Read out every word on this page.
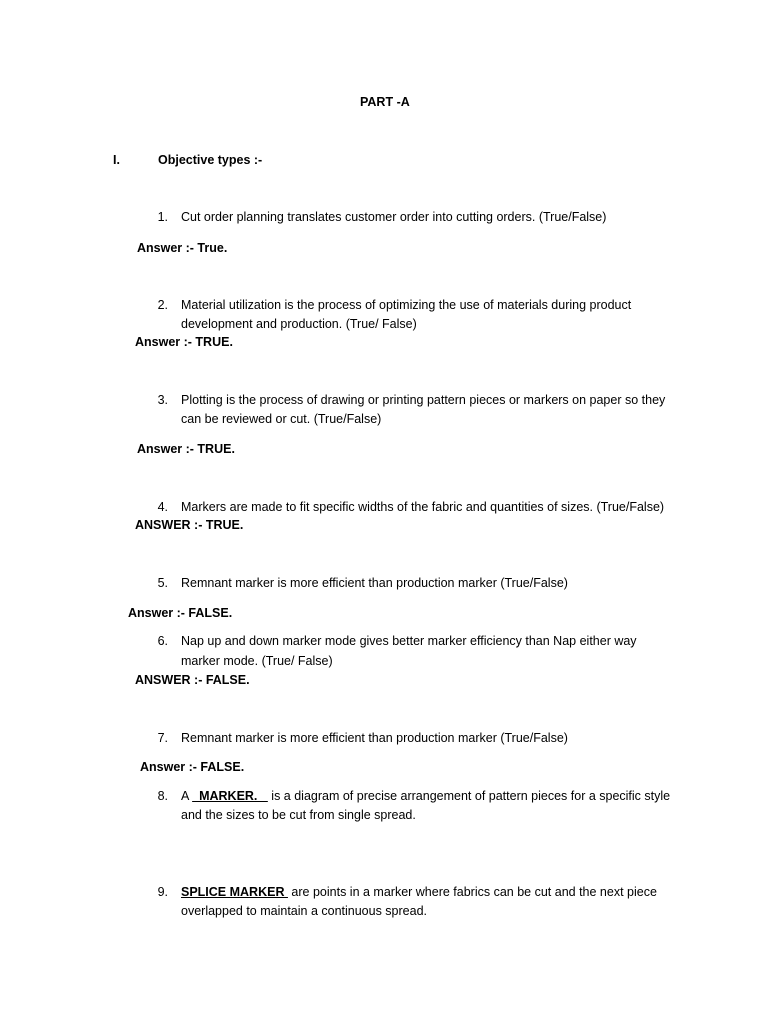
PART -A
I.	Objective types :-
1. Cut order planning translates customer order into cutting orders. (True/False)
Answer :- True.
2. Material utilization is the process of optimizing the use of materials during product
development and production. (True/ False)
Answer :- TRUE.
3. Plotting is the process of drawing or printing pattern pieces or markers on paper so they
can be reviewed or cut. (True/False)
Answer :- TRUE.
4. Markers are made to fit specific widths of the fabric and quantities of sizes. (True/False)
ANSWER :- TRUE.
5. Remnant marker is more efficient than production marker (True/False)
Answer :- FALSE.
6. Nap up and down marker mode gives better marker efficiency than Nap either way
marker mode. (True/ False)
ANSWER :- FALSE.
7. Remnant marker is more efficient than production marker (True/False)
Answer :- FALSE.
8. A   MARKER.    is a diagram of precise arrangement of pattern pieces for a specific style
and the sizes to be cut from single spread.
9. SPLICE MARKER  are points in a marker where fabrics can be cut and the next piece
overlapped to maintain a continuous spread.
